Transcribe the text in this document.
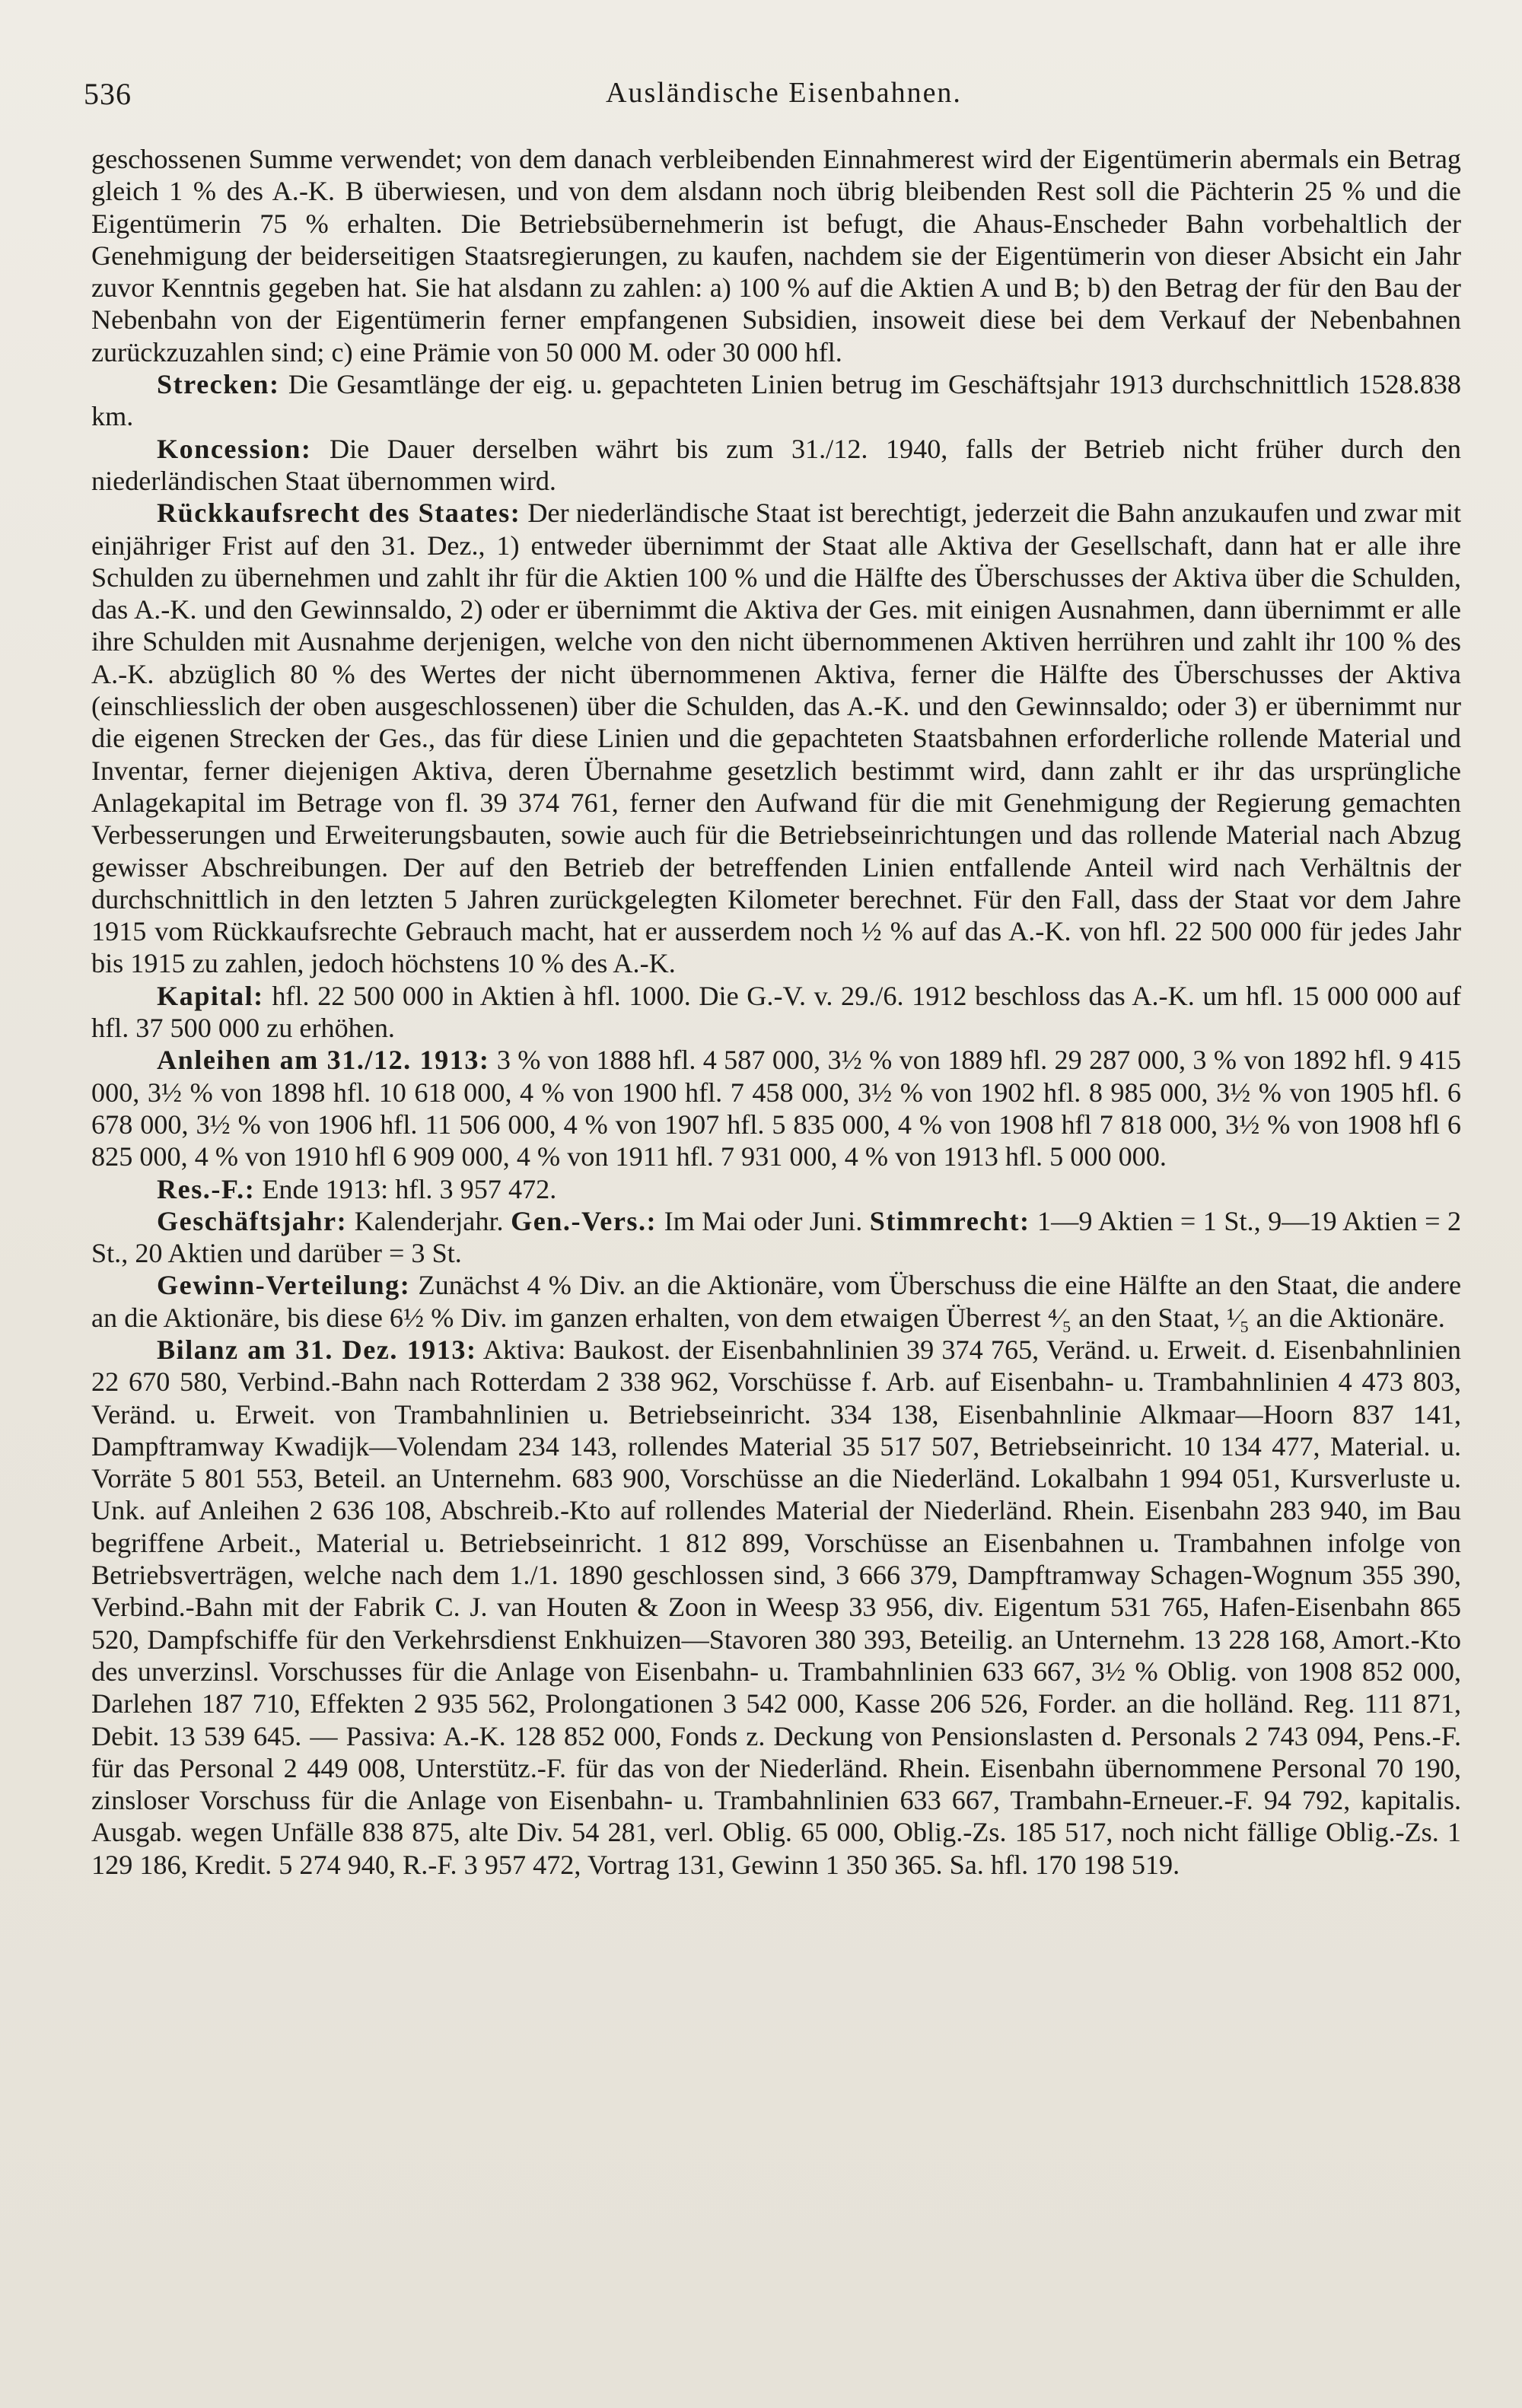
536	Ausländische Eisenbahnen.

geschossenen Summe verwendet; von dem danach verbleibenden Einnahmerest wird der Eigentümerin abermals ein Betrag gleich 1 % des A.-K. B überwiesen, und von dem alsdann noch übrig bleibenden Rest soll die Pächterin 25 % und die Eigentümerin 75 % erhalten. Die Betriebsübernehmerin ist befugt, die Ahaus-Enscheder Bahn vorbehaltlich der Genehmigung der beiderseitigen Staatsregierungen, zu kaufen, nachdem sie der Eigentümerin von dieser Absicht ein Jahr zuvor Kenntnis gegeben hat. Sie hat alsdann zu zahlen: a) 100 % auf die Aktien A und B; b) den Betrag der für den Bau der Nebenbahn von der Eigentümerin ferner empfangenen Subsidien, insoweit diese bei dem Verkauf der Nebenbahnen zurückzuzahlen sind; c) eine Prämie von 50 000 M. oder 30 000 hfl.

Strecken: Die Gesamtlänge der eig. u. gepachteten Linien betrug im Geschäftsjahr 1913 durchschnittlich 1528.838 km.

Koncession: Die Dauer derselben währt bis zum 31./12. 1940, falls der Betrieb nicht früher durch den niederländischen Staat übernommen wird.

Rückkaufsrecht des Staates: Der niederländische Staat ist berechtigt, jederzeit die Bahn anzukaufen und zwar mit einjähriger Frist auf den 31. Dez., 1) entweder übernimmt der Staat alle Aktiva der Gesellschaft, dann hat er alle ihre Schulden zu übernehmen und zahlt ihr für die Aktien 100 % und die Hälfte des Überschusses der Aktiva über die Schulden, das A.-K. und den Gewinnsaldo, 2) oder er übernimmt die Aktiva der Ges. mit einigen Ausnahmen, dann übernimmt er alle ihre Schulden mit Ausnahme derjenigen, welche von den nicht übernommenen Aktiven herrühren und zahlt ihr 100 % des A.-K. abzüglich 80 % des Wertes der nicht übernommenen Aktiva, ferner die Hälfte des Überschusses der Aktiva (einschliesslich der oben ausgeschlossenen) über die Schulden, das A.-K. und den Gewinnsaldo; oder 3) er übernimmt nur die eigenen Strecken der Ges., das für diese Linien und die gepachteten Staatsbahnen erforderliche rollende Material und Inventar, ferner diejenigen Aktiva, deren Übernahme gesetzlich bestimmt wird, dann zahlt er ihr das ursprüngliche Anlagekapital im Betrage von fl. 39 374 761, ferner den Aufwand für die mit Genehmigung der Regierung gemachten Verbesserungen und Erweiterungsbauten, sowie auch für die Betriebseinrichtungen und das rollende Material nach Abzug gewisser Abschreibungen. Der auf den Betrieb der betreffenden Linien entfallende Anteil wird nach Verhältnis der durchschnittlich in den letzten 5 Jahren zurückgelegten Kilometer berechnet. Für den Fall, dass der Staat vor dem Jahre 1915 vom Rückkaufsrechte Gebrauch macht, hat er ausserdem noch ½ % auf das A.-K. von hfl. 22 500 000 für jedes Jahr bis 1915 zu zahlen, jedoch höchstens 10 % des A.-K.

Kapital: hfl. 22 500 000 in Aktien à hfl. 1000. Die G.-V. v. 29./6. 1912 beschloss das A.-K. um hfl. 15 000 000 auf hfl. 37 500 000 zu erhöhen.

Anleihen am 31./12. 1913: 3 % von 1888 hfl. 4 587 000, 3½ % von 1889 hfl. 29 287 000, 3 % von 1892 hfl. 9 415 000, 3½ % von 1898 hfl. 10 618 000, 4 % von 1900 hfl. 7 458 000, 3½ % von 1902 hfl. 8 985 000, 3½ % von 1905 hfl. 6 678 000, 3½ % von 1906 hfl. 11 506 000, 4 % von 1907 hfl. 5 835 000, 4 % von 1908 hfl 7 818 000, 3½ % von 1908 hfl 6 825 000, 4 % von 1910 hfl 6 909 000, 4 % von 1911 hfl. 7 931 000, 4 % von 1913 hfl. 5 000 000.

Res.-F.: Ende 1913: hfl. 3 957 472.

Geschäftsjahr: Kalenderjahr. Gen.-Vers.: Im Mai oder Juni. Stimmrecht: 1—9 Aktien = 1 St., 9—19 Aktien = 2 St., 20 Aktien und darüber = 3 St.

Gewinn-Verteilung: Zunächst 4 % Div. an die Aktionäre, vom Überschuss die eine Hälfte an den Staat, die andere an die Aktionäre, bis diese 6½ % Div. im ganzen erhalten, von dem etwaigen Überrest ⁴⁄₅ an den Staat, ¹⁄₅ an die Aktionäre.

Bilanz am 31. Dez. 1913: Aktiva: Baukost. der Eisenbahnlinien 39 374 765, Veränd. u. Erweit. d. Eisenbahnlinien 22 670 580, Verbind.-Bahn nach Rotterdam 2 338 962, Vorschüsse f. Arb. auf Eisenbahn- u. Trambahnlinien 4 473 803, Veränd. u. Erweit. von Trambahnlinien u. Betriebseinricht. 334 138, Eisenbahnlinie Alkmaar—Hoorn 837 141, Dampftramway Kwadijk—Volendam 234 143, rollendes Material 35 517 507, Betriebseinricht. 10 134 477, Material. u. Vorräte 5 801 553, Beteil. an Unternehm. 683 900, Vorschüsse an die Niederländ. Lokalbahn 1 994 051, Kursverluste u. Unk. auf Anleihen 2 636 108, Abschreib.-Kto auf rollendes Material der Niederländ. Rhein. Eisenbahn 283 940, im Bau begriffene Arbeit., Material u. Betriebseinricht. 1 812 899, Vorschüsse an Eisenbahnen u. Trambahnen infolge von Betriebsverträgen, welche nach dem 1./1. 1890 geschlossen sind, 3 666 379, Dampftramway Schagen-Wognum 355 390, Verbind.-Bahn mit der Fabrik C. J. van Houten & Zoon in Weesp 33 956, div. Eigentum 531 765, Hafen-Eisenbahn 865 520, Dampfschiffe für den Verkehrsdienst Enkhuizen—Stavoren 380 393, Beteilig. an Unternehm. 13 228 168, Amort.-Kto des unverzinsl. Vorschusses für die Anlage von Eisenbahn- u. Trambahnlinien 633 667, 3½ % Oblig. von 1908 852 000, Darlehen 187 710, Effekten 2 935 562, Prolongationen 3 542 000, Kasse 206 526, Forder. an die holländ. Reg. 111 871, Debit. 13 539 645. — Passiva: A.-K. 128 852 000, Fonds z. Deckung von Pensionslasten d. Personals 2 743 094, Pens.-F. für das Personal 2 449 008, Unterstütz.-F. für das von der Niederländ. Rhein. Eisenbahn übernommene Personal 70 190, zinsloser Vorschuss für die Anlage von Eisenbahn- u. Trambahnlinien 633 667, Trambahn-Erneuer.-F. 94 792, kapitalis. Ausgab. wegen Unfälle 838 875, alte Div. 54 281, verl. Oblig. 65 000, Oblig.-Zs. 185 517, noch nicht fällige Oblig.-Zs. 1 129 186, Kredit. 5 274 940, R.-F. 3 957 472, Vortrag 131, Gewinn 1 350 365. Sa. hfl. 170 198 519.
